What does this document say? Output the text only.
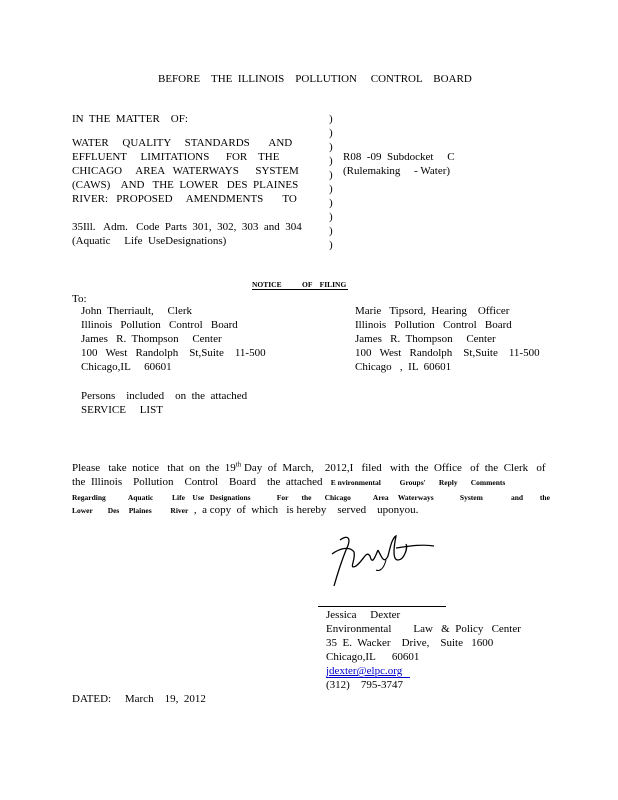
BEFORE    THE  ILLINOIS    POLLUTION     CONTROL    BOARD
IN  THE  MATTER    OF:
WATER     QUALITY     STANDARDS       AND
EFFLUENT     LIMITATIONS      FOR    THE
CHICAGO     AREA   WATERWAYS      SYSTEM
(CAWS)    AND   THE  LOWER   DES  PLAINES
RIVER:   PROPOSED     AMENDMENTS       TO
35Ill.   Adm.   Code  Parts  301,  302,  303  and  304
(Aquatic     Life  UseDesignations)
)
)
)
)
)
)
)
)
)
)
R08  -09  Subdocket     C
(Rulemaking     - Water)
NOTICE	OF    FILING
To:
John  Therriault,     Clerk
Illinois   Pollution   Control   Board
James   R.  Thompson     Center
100   West   Randolph    St,Suite    11-500
Chicago,IL     60601
Marie   Tipsord,  Hearing    Officer
Illinois   Pollution   Control   Board
James   R.  Thompson     Center
100   West   Randolph    St,Suite    11-500
Chicago   ,  IL  60601
Persons    included    on  the  attached
SERVICE     LIST
Please   take  notice   that  on  the  19th Day  of  March,    2012,I   filed   with  the  Office   of  the  Clerk   of
the  Illinois    Pollution    Control    Board    the  attached   E nvironmental          Groups'       Reply       Comments
Regarding            Aquatic          Life    Use   Designations              For       the       Chicago            Area     Waterways              System               and         the
Lower        Des     Plaines          River  ,  a copy  of  which   is hereby    served    uponyou.
Jessica     Dexter
Environmental        Law   &  Policy   Center
35  E.  Wacker    Drive,    Suite   1600
Chicago,IL      60601
jdexter@elpc.org
(312)    795-3747
DATED:     March    19,  2012
